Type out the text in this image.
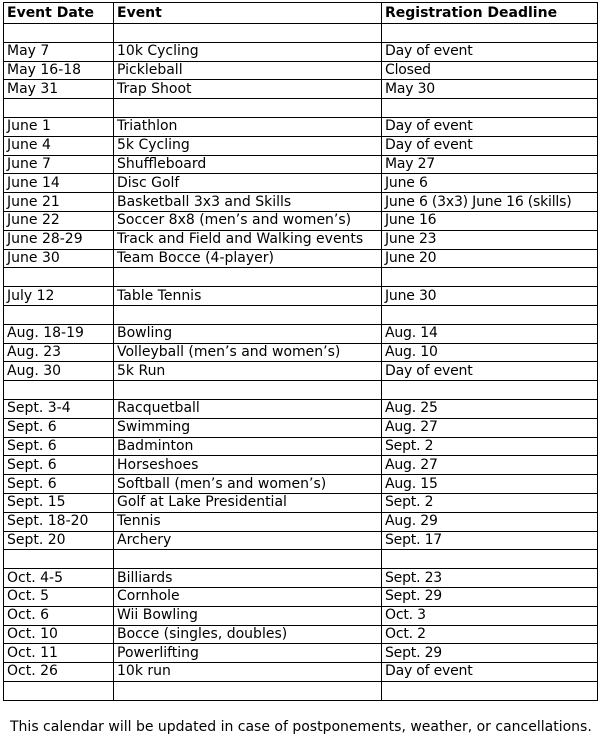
Event Date	Event	Registration Deadline

May 7	10k Cycling	Day of event
May 16-18	Pickleball	Closed
May 31	Trap Shoot	May 30

June 1	Triathlon	Day of event
June 4	5k Cycling	Day of event
June 7	Shuffleboard	May 27
June 14	Disc Golf	June 6
June 21	Basketball 3x3 and Skills	June 6 (3x3) June 16 (skills)
June 22	Soccer 8x8 (men’s and women’s)	June 16
June 28-29	Track and Field and Walking events	June 23
June 30	Team Bocce (4-player)	June 20

July 12	Table Tennis	June 30

Aug. 18-19	Bowling	Aug. 14
Aug. 23	Volleyball (men’s and women’s)	Aug. 10
Aug. 30	5k Run	Day of event

Sept. 3-4	Racquetball	Aug. 25
Sept. 6	Swimming	Aug. 27
Sept. 6	Badminton	Sept. 2
Sept. 6	Horseshoes	Aug. 27
Sept. 6	Softball (men’s and women’s)	Aug. 15
Sept. 15	Golf at Lake Presidential	Sept. 2
Sept. 18-20	Tennis	Aug. 29
Sept. 20	Archery	Sept. 17

Oct. 4-5	Billiards	Sept. 23
Oct. 5	Cornhole	Sept. 29
Oct. 6	Wii Bowling	Oct. 3
Oct. 10	Bocce (singles, doubles)	Oct. 2
Oct. 11	Powerlifting	Sept. 29
Oct. 26	10k run	Day of event

This calendar will be updated in case of postponements, weather, or cancellations.
